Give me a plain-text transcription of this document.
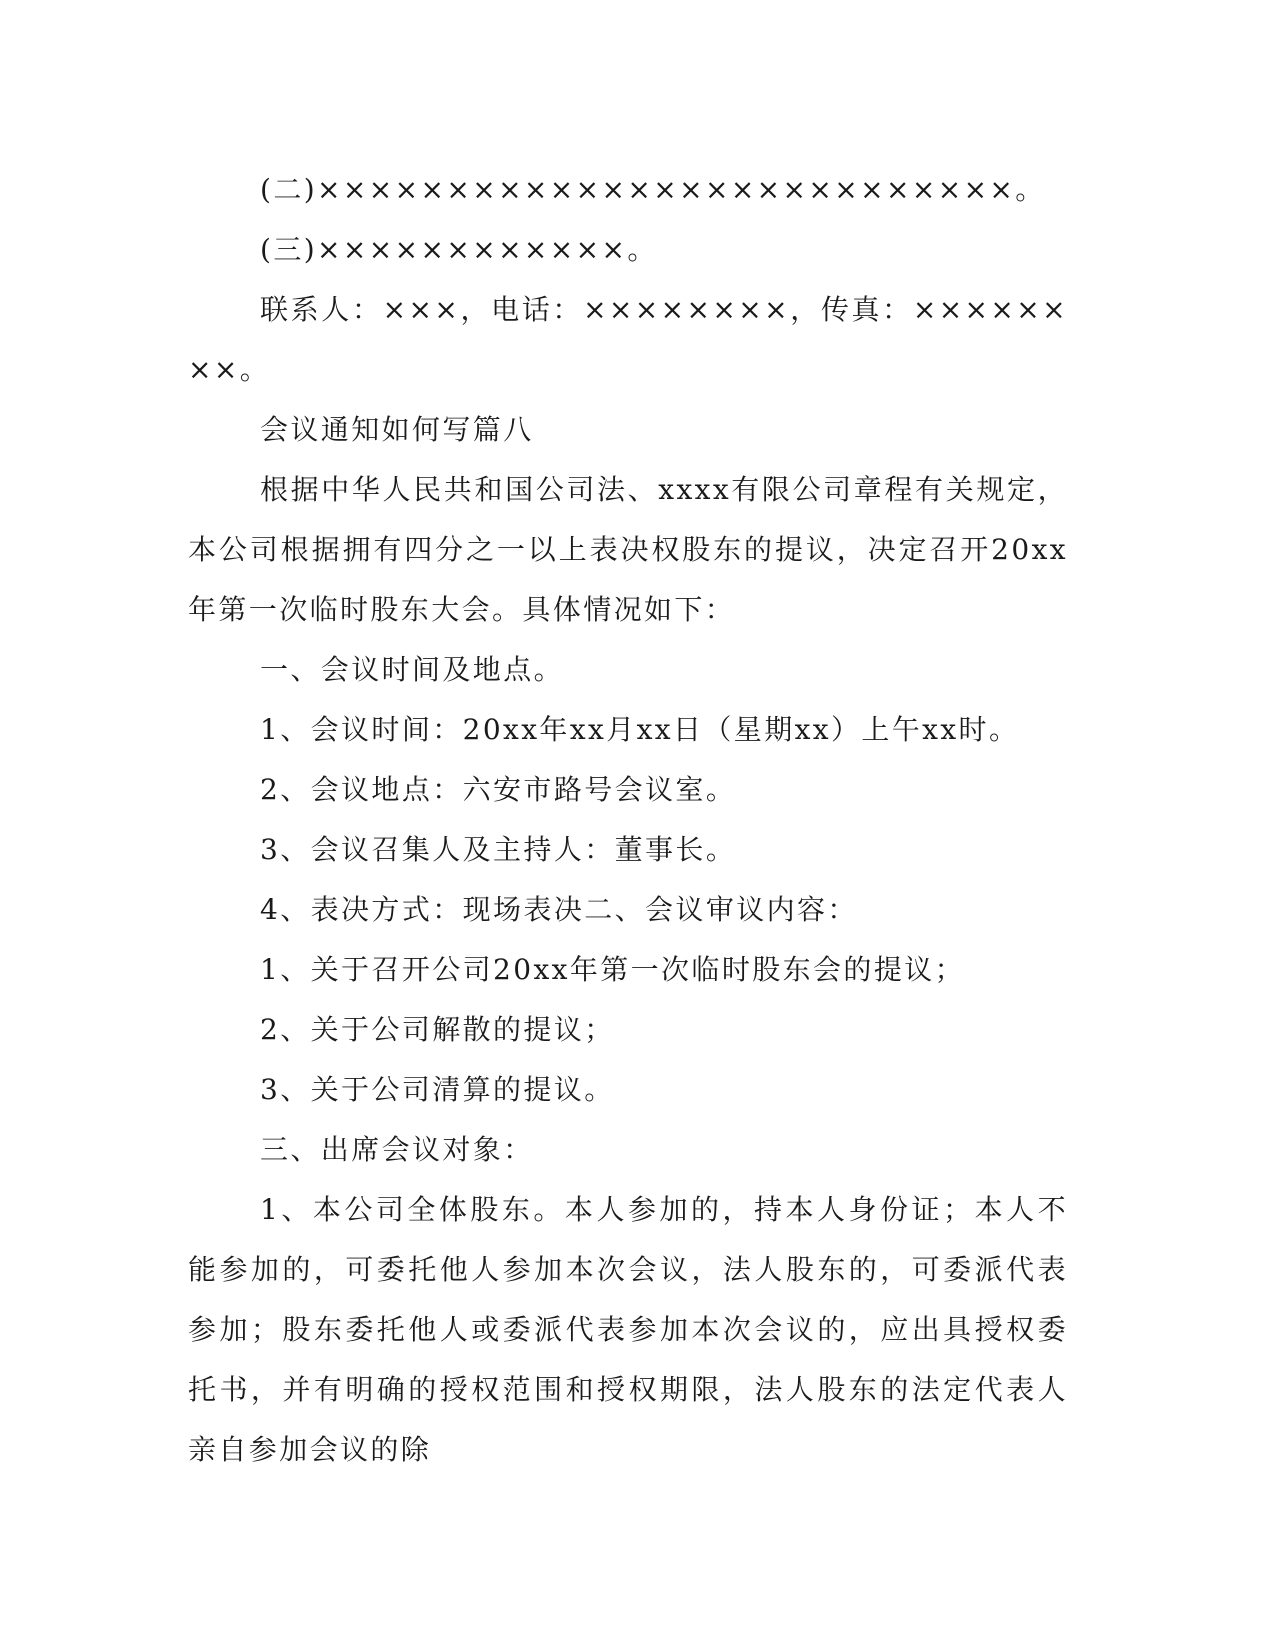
(二)×××××××××××××××××××××××××××。

(三)××××××××××××。

联系人：×××，电话：××××××××，传真：××××××××。

会议通知如何写篇八

根据中华人民共和国公司法、xxxx有限公司章程有关规定，本公司根据拥有四分之一以上表决权股东的提议，决定召开20xx年第一次临时股东大会。具体情况如下：

一、会议时间及地点。

1、会议时间：20xx年xx月xx日（星期xx）上午xx时。

2、会议地点：六安市路号会议室。

3、会议召集人及主持人：董事长。

4、表决方式：现场表决二、会议审议内容：

1、关于召开公司20xx年第一次临时股东会的提议；

2、关于公司解散的提议；

3、关于公司清算的提议。

三、出席会议对象：

1、本公司全体股东。本人参加的，持本人身份证；本人不能参加的，可委托他人参加本次会议，法人股东的，可委派代表参加；股东委托他人或委派代表参加本次会议的，应出具授权委托书，并有明确的授权范围和授权期限，法人股东的法定代表人亲自参加会议的除
